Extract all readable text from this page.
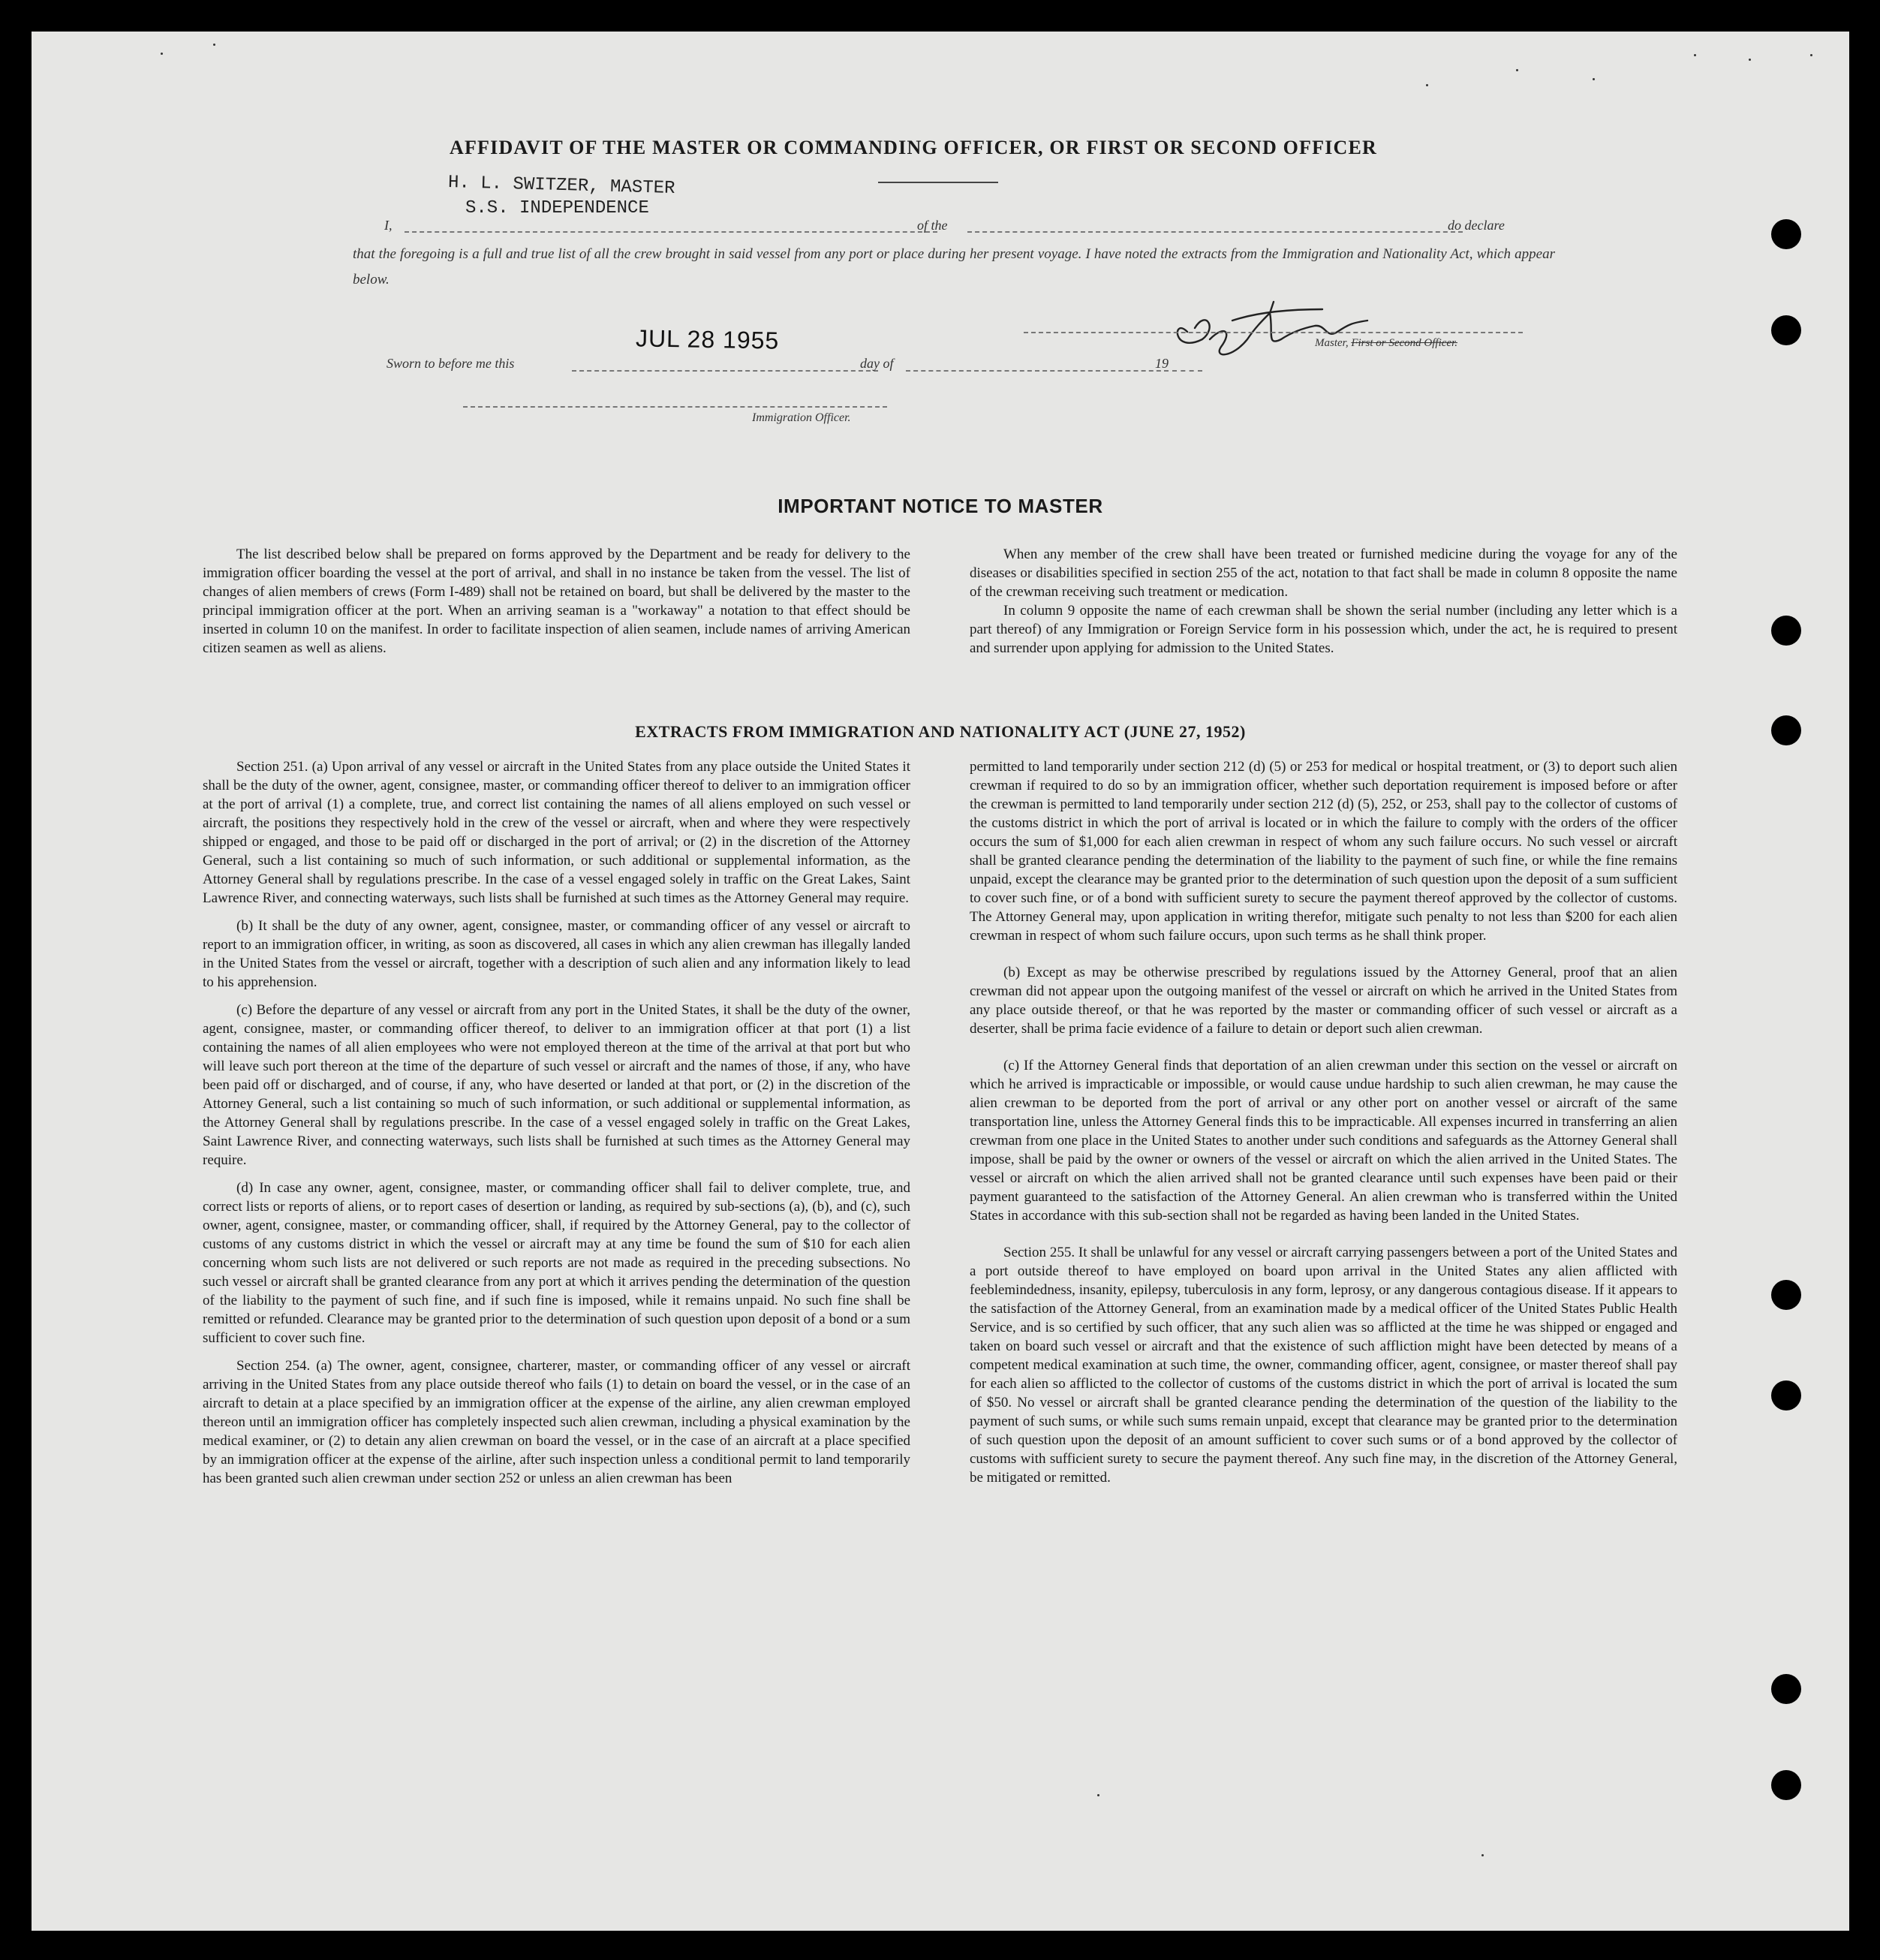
AFFIDAVIT OF THE MASTER OR COMMANDING OFFICER, OR FIRST OR SECOND OFFICER
H. L. SWITZER, MASTER
S.S. INDEPENDENCE
I,	of the	do declare
that the foregoing is a full and true list of all the crew brought in said vessel from any port or place during her present voyage. I have noted the extracts from the Immigration and Nationality Act, which appear below.
JUL 28 1955	Master, First or Second Officer.
Sworn to before me this	day of	19
Immigration Officer.
IMPORTANT NOTICE TO MASTER

The list described below shall be prepared on forms approved by the Department and be ready for delivery to the immigration officer boarding the vessel at the port of arrival, and shall in no instance be taken from the vessel. The list of changes of alien members of crews (Form I-489) shall not be retained on board, but shall be delivered by the master to the principal immigration officer at the port. When an arriving seaman is a "workaway" a notation to that effect should be inserted in column 10 on the manifest. In order to facilitate inspection of alien seamen, include names of arriving American citizen seamen as well as aliens.

When any member of the crew shall have been treated or furnished medicine during the voyage for any of the diseases or disabilities specified in section 255 of the act, notation to that fact shall be made in column 8 opposite the name of the crewman receiving such treatment or medication.

In column 9 opposite the name of each crewman shall be shown the serial number (including any letter which is a part thereof) of any Immigration or Foreign Service form in his possession which, under the act, he is required to present and surrender upon applying for admission to the United States.

EXTRACTS FROM IMMIGRATION AND NATIONALITY ACT (JUNE 27, 1952)

Section 251. (a) Upon arrival of any vessel or aircraft in the United States from any place outside the United States it shall be the duty of the owner, agent, consignee, master, or commanding officer thereof to deliver to an immigration officer at the port of arrival (1) a complete, true, and correct list containing the names of all aliens employed on such vessel or aircraft, the positions they respectively hold in the crew of the vessel or aircraft, when and where they were respectively shipped or engaged, and those to be paid off or discharged in the port of arrival; or (2) in the discretion of the Attorney General, such a list containing so much of such information, or such additional or supplemental information, as the Attorney General shall by regulations prescribe. In the case of a vessel engaged solely in traffic on the Great Lakes, Saint Lawrence River, and connecting waterways, such lists shall be furnished at such times as the Attorney General may require.

(b) It shall be the duty of any owner, agent, consignee, master, or commanding officer of any vessel or aircraft to report to an immigration officer, in writing, as soon as discovered, all cases in which any alien crewman has illegally landed in the United States from the vessel or aircraft, together with a description of such alien and any information likely to lead to his apprehension.

(c) Before the departure of any vessel or aircraft from any port in the United States, it shall be the duty of the owner, agent, consignee, master, or commanding officer thereof, to deliver to an immigration officer at that port (1) a list containing the names of all alien employees who were not employed thereon at the time of the arrival at that port but who will leave such port thereon at the time of the departure of such vessel or aircraft and the names of those, if any, who have been paid off or discharged, and of course, if any, who have deserted or landed at that port, or (2) in the discretion of the Attorney General, such a list containing so much of such information, or such additional or supplemental information, as the Attorney General shall by regulations prescribe. In the case of a vessel engaged solely in traffic on the Great Lakes, Saint Lawrence River, and connecting waterways, such lists shall be furnished at such times as the Attorney General may require.

(d) In case any owner, agent, consignee, master, or commanding officer shall fail to deliver complete, true, and correct lists or reports of aliens, or to report cases of desertion or landing, as required by sub-sections (a), (b), and (c), such owner, agent, consignee, master, or commanding officer, shall, if required by the Attorney General, pay to the collector of customs of any customs district in which the vessel or aircraft may at any time be found the sum of $10 for each alien concerning whom such lists are not delivered or such reports are not made as required in the preceding subsections. No such vessel or aircraft shall be granted clearance from any port at which it arrives pending the determination of the question of the liability to the payment of such fine, and if such fine is imposed, while it remains unpaid. No such fine shall be remitted or refunded. Clearance may be granted prior to the determination of such question upon deposit of a bond or a sum sufficient to cover such fine.

Section 254. (a) The owner, agent, consignee, charterer, master, or commanding officer of any vessel or aircraft arriving in the United States from any place outside thereof who fails (1) to detain on board the vessel, or in the case of an aircraft to detain at a place specified by an immigration officer at the expense of the airline, any alien crewman employed thereon until an immigration officer has completely inspected such alien crewman, including a physical examination by the medical examiner, or (2) to detain any alien crewman on board the vessel, or in the case of an aircraft at a place specified by an immigration officer at the expense of the airline, after such inspection unless a conditional permit to land temporarily has been granted such alien crewman under section 252 or unless an alien crewman has been

permitted to land temporarily under section 212 (d) (5) or 253 for medical or hospital treatment, or (3) to deport such alien crewman if required to do so by an immigration officer, whether such deportation requirement is imposed before or after the crewman is permitted to land temporarily under section 212 (d) (5), 252, or 253, shall pay to the collector of customs of the customs district in which the port of arrival is located or in which the failure to comply with the orders of the officer occurs the sum of $1,000 for each alien crewman in respect of whom any such failure occurs. No such vessel or aircraft shall be granted clearance pending the determination of the liability to the payment of such fine, or while the fine remains unpaid, except the clearance may be granted prior to the determination of such question upon the deposit of a sum sufficient to cover such fine, or of a bond with sufficient surety to secure the payment thereof approved by the collector of customs. The Attorney General may, upon application in writing therefor, mitigate such penalty to not less than $200 for each alien crewman in respect of whom such failure occurs, upon such terms as he shall think proper.

(b) Except as may be otherwise prescribed by regulations issued by the Attorney General, proof that an alien crewman did not appear upon the outgoing manifest of the vessel or aircraft on which he arrived in the United States from any place outside thereof, or that he was reported by the master or commanding officer of such vessel or aircraft as a deserter, shall be prima facie evidence of a failure to detain or deport such alien crewman.

(c) If the Attorney General finds that deportation of an alien crewman under this section on the vessel or aircraft on which he arrived is impracticable or impossible, or would cause undue hardship to such alien crewman, he may cause the alien crewman to be deported from the port of arrival or any other port on another vessel or aircraft of the same transportation line, unless the Attorney General finds this to be impracticable. All expenses incurred in transferring an alien crewman from one place in the United States to another under such conditions and safeguards as the Attorney General shall impose, shall be paid by the owner or owners of the vessel or aircraft on which the alien arrived in the United States. The vessel or aircraft on which the alien arrived shall not be granted clearance until such expenses have been paid or their payment guaranteed to the satisfaction of the Attorney General. An alien crewman who is transferred within the United States in accordance with this sub-section shall not be regarded as having been landed in the United States.

Section 255. It shall be unlawful for any vessel or aircraft carrying passengers between a port of the United States and a port outside thereof to have employed on board upon arrival in the United States any alien afflicted with feeblemindedness, insanity, epilepsy, tuberculosis in any form, leprosy, or any dangerous contagious disease. If it appears to the satisfaction of the Attorney General, from an examination made by a medical officer of the United States Public Health Service, and is so certified by such officer, that any such alien was so afflicted at the time he was shipped or engaged and taken on board such vessel or aircraft and that the existence of such affliction might have been detected by means of a competent medical examination at such time, the owner, commanding officer, agent, consignee, or master thereof shall pay for each alien so afflicted to the collector of customs of the customs district in which the port of arrival is located the sum of $50. No vessel or aircraft shall be granted clearance pending the determination of the question of the liability to the payment of such sums, or while such sums remain unpaid, except that clearance may be granted prior to the determination of such question upon the deposit of an amount sufficient to cover such sums or of a bond approved by the collector of customs with sufficient surety to secure the payment thereof. Any such fine may, in the discretion of the Attorney General, be mitigated or remitted.
